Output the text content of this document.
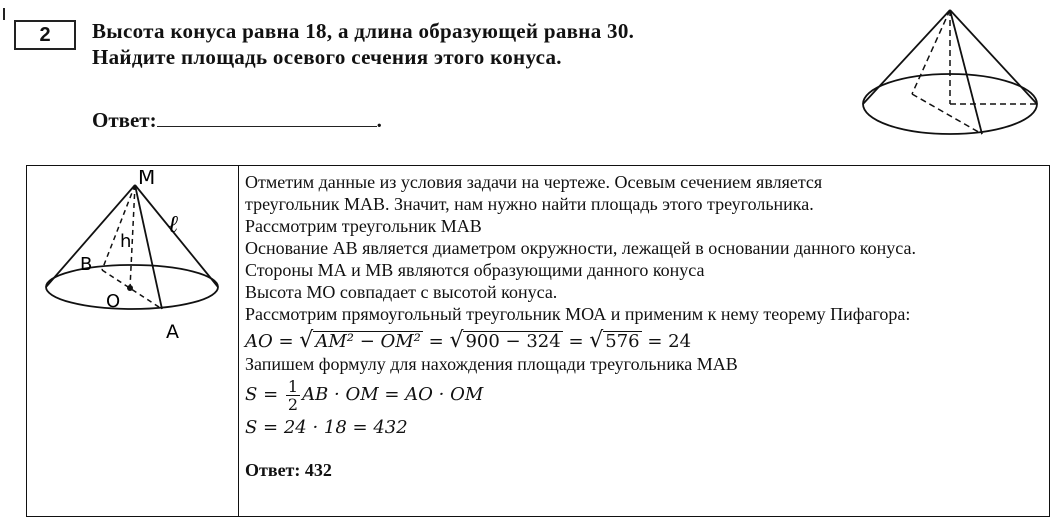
2	Высота конуса равна 18, а длина образующей равна 30.
Найдите площадь осевого сечения этого конуса.
Ответ:	.
M
ℓ
h
B
O
A
Отметим данные из условия задачи на чертеже. Осевым сечением является
треугольник МАВ. Значит, нам нужно найти площадь этого треугольника.
Рассмотрим треугольник МАВ
Основание АВ является диаметром окружности, лежащей в основании данного конуса.
Стороны МА и МВ являются образующими данного конуса
Высота МО совпадает с высотой конуса.
Рассмотрим прямоугольный треугольник МОА и применим к нему теорему Пифагора:
AO = √ AM² − OM² = √ 900 − 324 = √ 576 = 24
Запишем формулу для нахождения площади треугольника МАВ
$S = \frac{1}{2}$ AB · OM = AO · OM
S = 24 · 18 = 432
Ответ: 432
